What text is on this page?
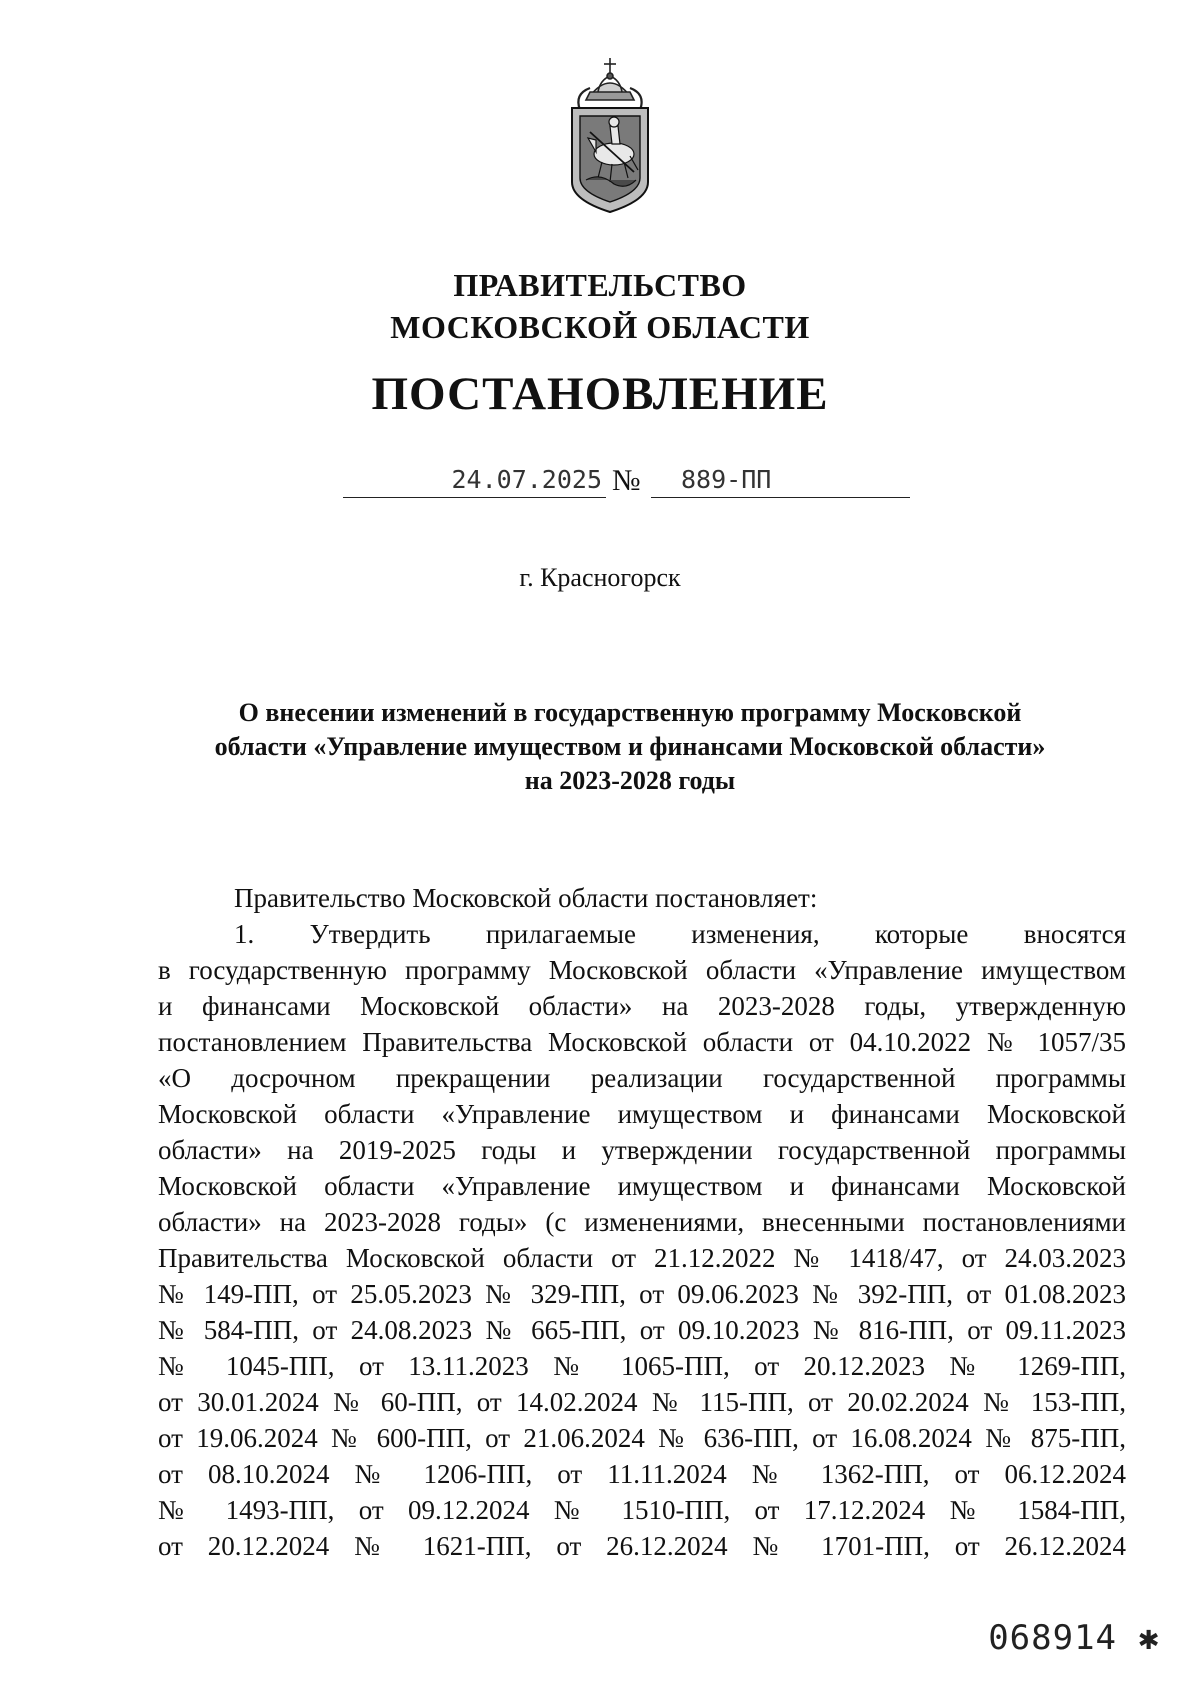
ПРАВИТЕЛЬСТВО
МОСКОВСКОЙ ОБЛАСТИ
ПОСТАНОВЛЕНИЕ
24.07.2025 №	889-ПП
г. Красногорск
О внесении изменений в государственную программу Московской
области «Управление имуществом и финансами Московской области»
на 2023-2028 годы
Правительство Московской области постановляет:
1. Утвердить прилагаемые изменения, которые вносятся
в государственную программу Московской области «Управление имуществом
и финансами Московской области» на 2023-2028 годы, утвержденную
постановлением Правительства Московской области от 04.10.2022 № 1057/35
«О досрочном прекращении реализации государственной программы
Московской области «Управление имуществом и финансами Московской
области» на 2019-2025 годы и утверждении государственной программы
Московской области «Управление имуществом и финансами Московской
области» на 2023-2028 годы» (с изменениями, внесенными постановлениями
Правительства Московской области от 21.12.2022 № 1418/47, от 24.03.2023
№ 149-ПП, от 25.05.2023 № 329-ПП, от 09.06.2023 № 392-ПП, от 01.08.2023
№ 584-ПП, от 24.08.2023 № 665-ПП, от 09.10.2023 № 816-ПП, от 09.11.2023
№ 1045-ПП, от 13.11.2023 № 1065-ПП, от 20.12.2023 № 1269-ПП,
от 30.01.2024 № 60-ПП, от 14.02.2024 № 115-ПП, от 20.02.2024 № 153-ПП,
от 19.06.2024 № 600-ПП, от 21.06.2024 № 636-ПП, от 16.08.2024 № 875-ПП,
от 08.10.2024 № 1206-ПП, от 11.11.2024 № 1362-ПП, от 06.12.2024
№ 1493-ПП, от 09.12.2024 № 1510-ПП, от 17.12.2024 № 1584-ПП,
от 20.12.2024 № 1621-ПП, от 26.12.2024 № 1701-ПП, от 26.12.2024
068914 ✱
